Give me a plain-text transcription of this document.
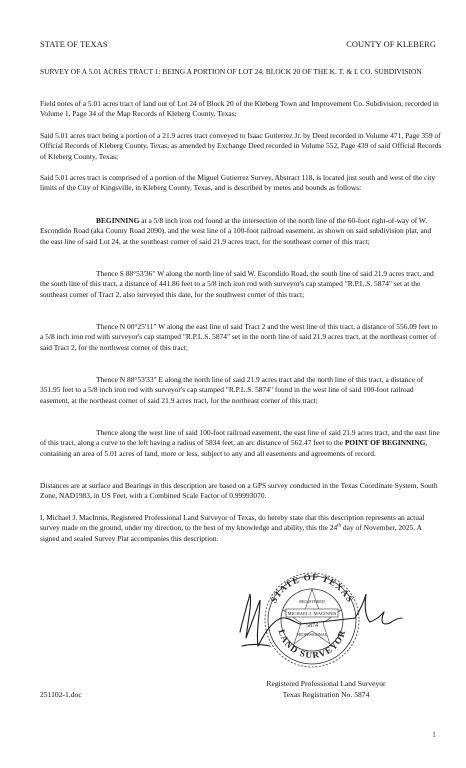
STATE OF TEXAS	COUNTY OF KLEBERG
SURVEY OF A 5.01 ACRES TRACT 1: BEING A PORTION OF LOT 24, BLOCK 20 OF THE K. T. & I. CO. SUBDIVISION
Field notes of a 5.01 acres tract of land out of Lot 24 of Block 20 of the Kleberg Town and Improvement Co. Subdivision, recorded in Volume 1, Page 34 of the Map Records of Kleberg County, Texas;
Said 5.01 acres tract being a portion of a 21.9 acres tract conveyed to Isaac Gutierrez Jr. by Deed recorded in Volume 471, Page 359 of Official Records of Kleberg County, Texas; as amended by Exchange Deed recorded in Volume 552, Page 439 of said Official Records of Kleberg County, Texas;
Said 5.01 acres tract is comprised of a portion of the Miguel Gutierrez Survey, Abstract 118, is located just south and west of the city limits of the City of Kingsville, in Kleberg County, Texas, and is described by metes and bounds as follows:
BEGINNING at a 5/8 inch iron rod found at the intersection of the north line of the 60-foot right-of-way of W. Escondido Road (aka County Road 2090), and the west line of a 100-foot railroad easement, as shown on said subdivision plat, and the east line of said Lot 24, at the southeast corner of said 21.9 acres tract, for the southeast corner of this tract;
Thence S 88°53'36" W along the north line of said W. Escondido Road, the south line of said 21.9 acres tract, and the south line of this tract, a distance of 441.86 feet to a 5/8 inch iron rod with surveyor's cap stamped "R.P.L.S. 5874" set at the southeast corner of Tract 2, also surveyed this date, for the southwest corner of this tract;
Thence N 00°25'11" W along the east line of said Tract 2 and the west line of this tract, a distance of 556.09 feet to a 5/8 inch iron rod with surveyor's cap stamped "R.P.L.S. 5874" set in the north line of said 21.9 acres tract, at the northeast corner of said Tract 2, for the northwest corner of this tract;
Thence N 88°53'33" E along the north line of said 21.9 acres tract and the north line of this tract, a distance of 351.95 feet to a 5/8 inch iron rod with surveyor's cap stamped "R.P.L.S. 5874" found in the west line of said 100-foot railroad easement, at the northeast corner of said 21.9 acres tract, for the northeast corner of this tract;
Thence along the west line of said 100-foot railroad easement, the east line of said 21.9 acres tract, and the east line of this tract, along a curve to the left having a radius of 5834 feet, an arc distance of 562.47 feet to the POINT OF BEGINNING, containing an area of 5.01 acres of land, more or less, subject to any and all easements and agreements of record.
Distances are at surface and Bearings in this description are based on a GPS survey conducted in the Texas Coordinate System, South Zone, NAD1983, in US Feet, with a Combined Scale Factor of 0.99993070.
I, Michael J. MacInnis, Registered Professional Land Surveyor of Texas, do hereby state that this description represents an actual survey made on the ground, under my direction, to the best of my knowledge and ability, this the 24th day of November, 2025. A signed and sealed Survey Plat accompanies this description.
STATE OF TEXAS
REGISTERED
MICHAEL J. MACINNIS
5874
PROFESSIONAL
LAND SURVEYOR
Registered Professional Land Surveyor
Texas Registration No. 5874
251102-1.doc
1
